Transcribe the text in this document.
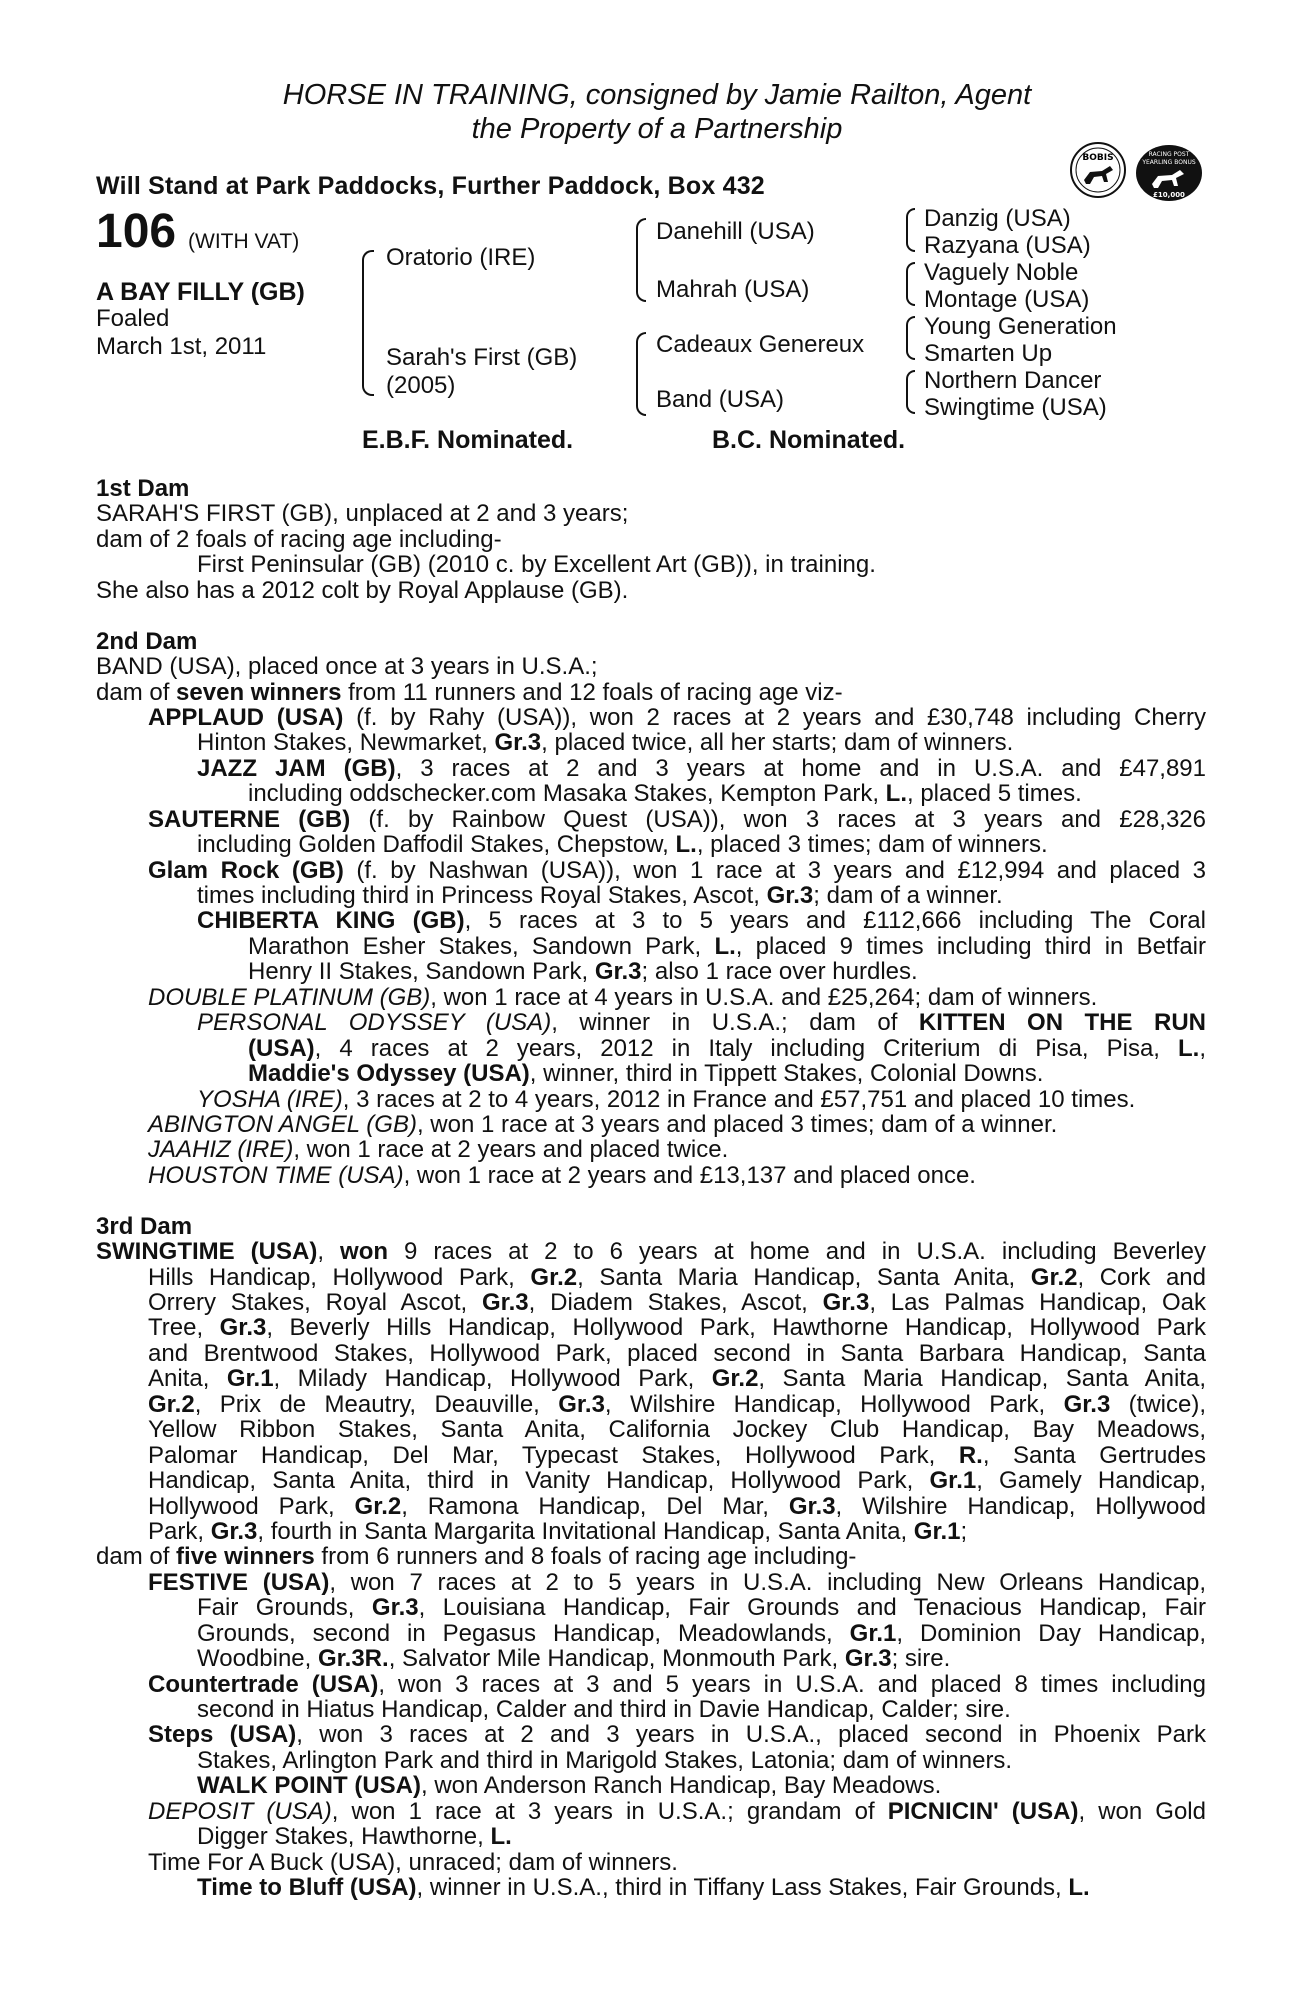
HORSE IN TRAINING, consigned by Jamie Railton, Agent
the Property of a Partnership
Will Stand at Park Paddocks, Further Paddock, Box 432
BOBIS	RACING POST
YEARLING BONUS
£10,000
106 (WITH VAT)
A BAY FILLY (GB)
Foaled
March 1st, 2011
Oratorio (IRE)
Sarah's First (GB)
(2005)
Danehill (USA)
Mahrah (USA)
Cadeaux Genereux
Band (USA)
Danzig (USA)
Razyana (USA)
Vaguely Noble
Montage (USA)
Young Generation
Smarten Up
Northern Dancer
Swingtime (USA)
E.B.F. Nominated.	B.C. Nominated.
1st Dam
SARAH'S FIRST (GB), unplaced at 2 and 3 years;
dam of 2 foals of racing age including-
First Peninsular (GB) (2010 c. by Excellent Art (GB)), in training.
She also has a 2012 colt by Royal Applause (GB).
2nd Dam
BAND (USA), placed once at 3 years in U.S.A.;
dam of seven winners from 11 runners and 12 foals of racing age viz-
APPLAUD (USA) (f. by Rahy (USA)), won 2 races at 2 years and £30,748 including Cherry
Hinton Stakes, Newmarket, Gr.3, placed twice, all her starts; dam of winners.
JAZZ JAM (GB), 3 races at 2 and 3 years at home and in U.S.A. and £47,891
including oddschecker.com Masaka Stakes, Kempton Park, L., placed 5 times.
SAUTERNE (GB) (f. by Rainbow Quest (USA)), won 3 races at 3 years and £28,326
including Golden Daffodil Stakes, Chepstow, L., placed 3 times; dam of winners.
Glam Rock (GB) (f. by Nashwan (USA)), won 1 race at 3 years and £12,994 and placed 3
times including third in Princess Royal Stakes, Ascot, Gr.3; dam of a winner.
CHIBERTA KING (GB), 5 races at 3 to 5 years and £112,666 including The Coral
Marathon Esher Stakes, Sandown Park, L., placed 9 times including third in Betfair
Henry II Stakes, Sandown Park, Gr.3; also 1 race over hurdles.
DOUBLE PLATINUM (GB), won 1 race at 4 years in U.S.A. and £25,264; dam of winners.
PERSONAL ODYSSEY (USA), winner in U.S.A.; dam of KITTEN ON THE RUN
(USA), 4 races at 2 years, 2012 in Italy including Criterium di Pisa, Pisa, L.,
Maddie's Odyssey (USA), winner, third in Tippett Stakes, Colonial Downs.
YOSHA (IRE), 3 races at 2 to 4 years, 2012 in France and £57,751 and placed 10 times.
ABINGTON ANGEL (GB), won 1 race at 3 years and placed 3 times; dam of a winner.
JAAHIZ (IRE), won 1 race at 2 years and placed twice.
HOUSTON TIME (USA), won 1 race at 2 years and £13,137 and placed once.
3rd Dam
SWINGTIME (USA), won 9 races at 2 to 6 years at home and in U.S.A. including Beverley
Hills Handicap, Hollywood Park, Gr.2, Santa Maria Handicap, Santa Anita, Gr.2, Cork and
Orrery Stakes, Royal Ascot, Gr.3, Diadem Stakes, Ascot, Gr.3, Las Palmas Handicap, Oak
Tree, Gr.3, Beverly Hills Handicap, Hollywood Park, Hawthorne Handicap, Hollywood Park
and Brentwood Stakes, Hollywood Park, placed second in Santa Barbara Handicap, Santa
Anita, Gr.1, Milady Handicap, Hollywood Park, Gr.2, Santa Maria Handicap, Santa Anita,
Gr.2, Prix de Meautry, Deauville, Gr.3, Wilshire Handicap, Hollywood Park, Gr.3 (twice),
Yellow Ribbon Stakes, Santa Anita, California Jockey Club Handicap, Bay Meadows,
Palomar Handicap, Del Mar, Typecast Stakes, Hollywood Park, R., Santa Gertrudes
Handicap, Santa Anita, third in Vanity Handicap, Hollywood Park, Gr.1, Gamely Handicap,
Hollywood Park, Gr.2, Ramona Handicap, Del Mar, Gr.3, Wilshire Handicap, Hollywood
Park, Gr.3, fourth in Santa Margarita Invitational Handicap, Santa Anita, Gr.1;
dam of five winners from 6 runners and 8 foals of racing age including-
FESTIVE (USA), won 7 races at 2 to 5 years in U.S.A. including New Orleans Handicap,
Fair Grounds, Gr.3, Louisiana Handicap, Fair Grounds and Tenacious Handicap, Fair
Grounds, second in Pegasus Handicap, Meadowlands, Gr.1, Dominion Day Handicap,
Woodbine, Gr.3R., Salvator Mile Handicap, Monmouth Park, Gr.3; sire.
Countertrade (USA), won 3 races at 3 and 5 years in U.S.A. and placed 8 times including
second in Hiatus Handicap, Calder and third in Davie Handicap, Calder; sire.
Steps (USA), won 3 races at 2 and 3 years in U.S.A., placed second in Phoenix Park
Stakes, Arlington Park and third in Marigold Stakes, Latonia; dam of winners.
WALK POINT (USA), won Anderson Ranch Handicap, Bay Meadows.
DEPOSIT (USA), won 1 race at 3 years in U.S.A.; grandam of PICNICIN' (USA), won Gold
Digger Stakes, Hawthorne, L.
Time For A Buck (USA), unraced; dam of winners.
Time to Bluff (USA), winner in U.S.A., third in Tiffany Lass Stakes, Fair Grounds, L.
